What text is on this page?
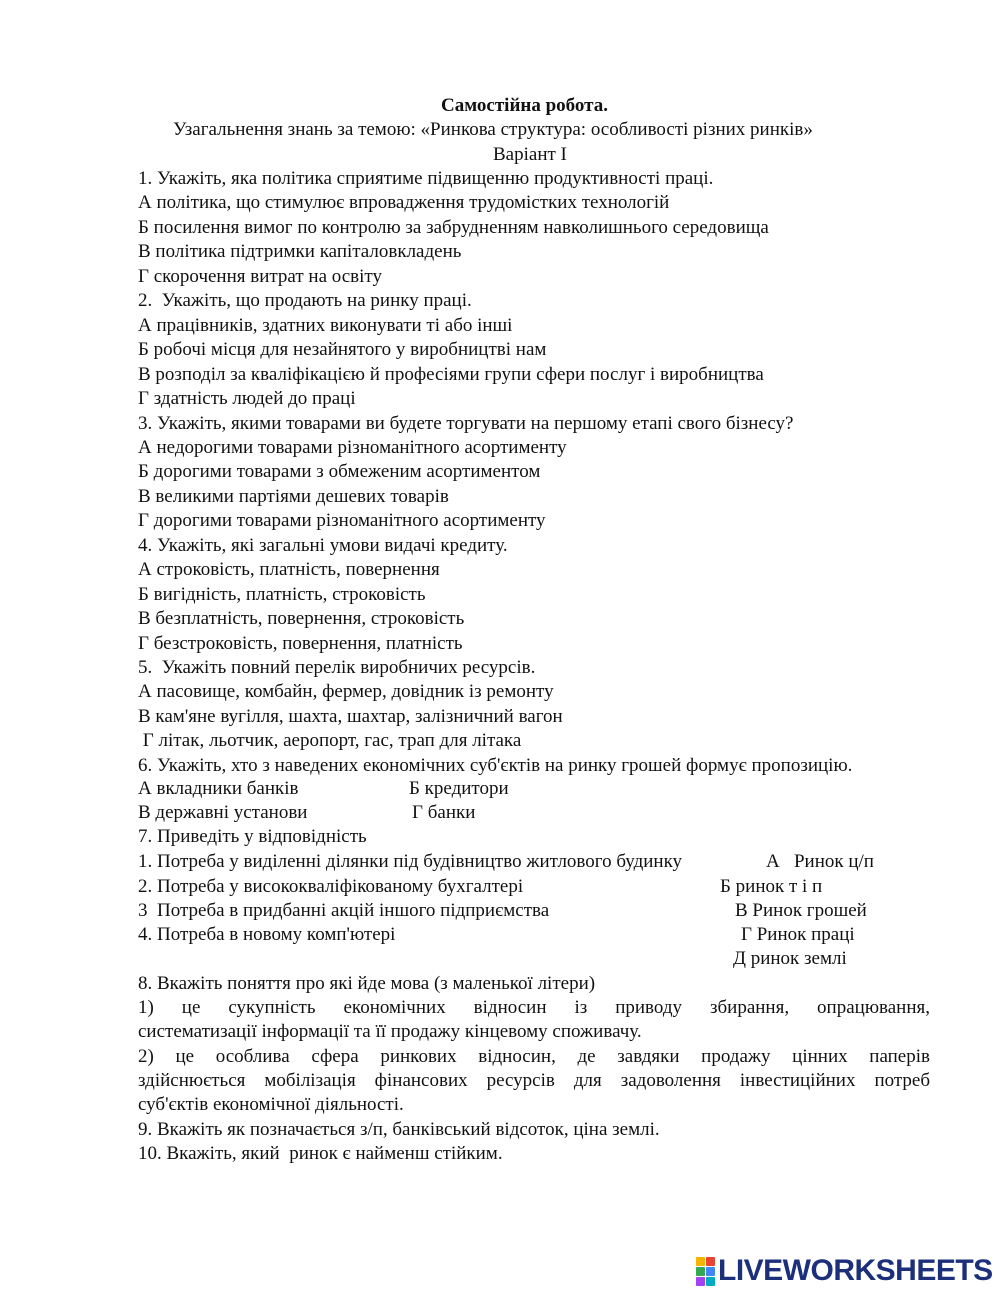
Самостійна робота.
Узагальнення знань за темою: «Ринкова структура: особливості різних ринків»
Варіант І
1. Укажіть, яка політика сприятиме підвищенню продуктивності праці.
А політика, що стимулює впровадження трудомістких технологій
Б посилення вимог по контролю за забрудненням навколишнього середовища
В політика підтримки капіталовкладень
Г скорочення витрат на освіту
2.  Укажіть, що продають на ринку праці.
А працівників, здатних виконувати ті або інші
Б робочі місця для незайнятого у виробництві нам
В розподіл за кваліфікацією й професіями групи сфери послуг і виробництва
Г здатність людей до праці
3. Укажіть, якими товарами ви будете торгувати на першому етапі свого бізнесу?
А недорогими товарами різноманітного асортименту
Б дорогими товарами з обмеженим асортиментом
В великими партіями дешевих товарів
Г дорогими товарами різноманітного асортименту
4. Укажіть, які загальні умови видачі кредиту.
А строковість, платність, повернення
Б вигідність, платність, строковість
В безплатність, повернення, строковість
Г безстроковість, повернення, платність
5.  Укажіть повний перелік виробничих ресурсів.
А пасовище, комбайн, фермер, довідник із ремонту
В кам'яне вугілля, шахта, шахтар, залізничний вагон
Г літак, льотчик, аеропорт, гас, трап для літака
6. Укажіть, хто з наведених економічних суб'єктів на ринку грошей формує пропозицію.
А вкладники банків	Б кредитори
В державні установи	Г банки
7. Приведіть у відповідність
1. Потреба у виділенні ділянки під будівництво житлового будинку	А   Ринок ц/п
2. Потреба у висококваліфікованому бухгалтері	Б ринок т і п
3  Потреба в придбанні акцій іншого підприємства	В Ринок грошей
4. Потреба в новому комп'ютері	Г Ринок праці
Д ринок землі
8. Вкажіть поняття про які йде мова (з маленької літери)
1) це сукупність економічних відносин із приводу збирання, опрацювання,
систематизації інформації та її продажу кінцевому споживачу.
2) це особлива сфера ринкових відносин, де завдяки продажу цінних паперів
здійснюється мобілізація фінансових ресурсів для задоволення інвестиційних потреб
суб'єктів економічної діяльності.
9. Вкажіть як позначається з/п, банківський відсоток, ціна землі.
10. Вкажіть, який  ринок є найменш стійким.
LIVEWORKSHEETS
